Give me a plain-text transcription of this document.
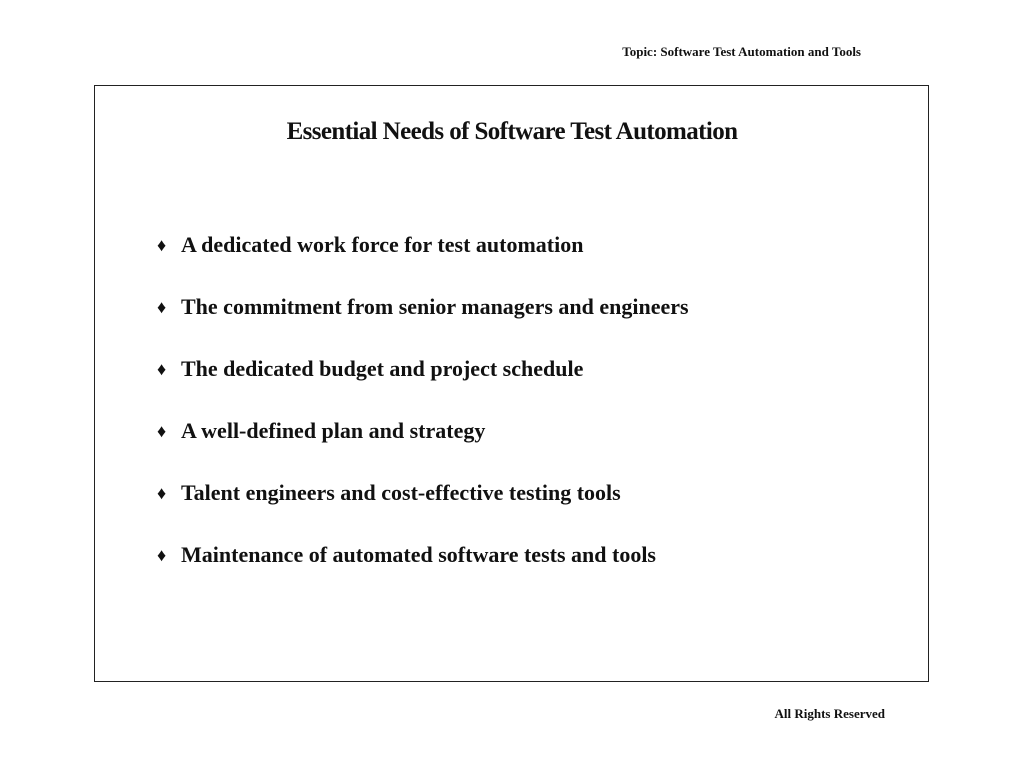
Topic: Software Test Automation and Tools
Essential Needs of Software Test Automation
♦ A dedicated work force for test automation
♦ The commitment from senior managers and engineers
♦ The dedicated budget and project schedule
♦ A well-defined plan and strategy
♦ Talent engineers and cost-effective testing tools
♦ Maintenance of automated software tests and tools
All Rights Reserved
